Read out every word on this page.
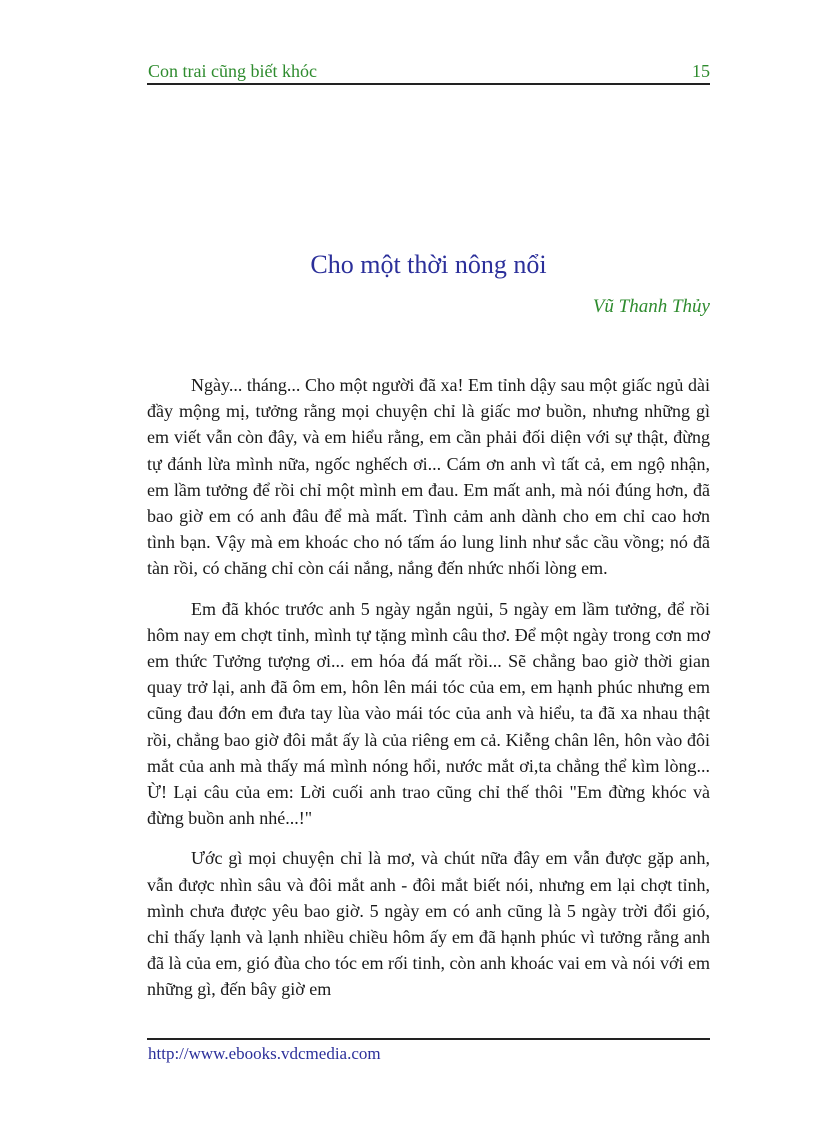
Con trai cũng biết khóc	15
Cho một thời nông nổi
Vũ Thanh Thủy

Ngày... tháng... Cho một người đã xa! Em tỉnh dậy sau một giấc ngủ dài đầy mộng mị, tưởng rằng mọi chuyện chỉ là giấc mơ buồn, nhưng những gì em viết vẫn còn đây, và em hiểu rằng, em cần phải đối diện với sự thật, đừng tự đánh lừa mình nữa, ngốc nghếch ơi... Cám ơn anh vì tất cả, em ngộ nhận, em lầm tưởng để rồi chỉ một mình em đau. Em mất anh, mà nói đúng hơn, đã bao giờ em có anh đâu để mà mất. Tình cảm anh dành cho em chỉ cao hơn tình bạn. Vậy mà em khoác cho nó tấm áo lung linh như sắc cầu vồng; nó đã tàn rồi, có chăng chỉ còn cái nắng, nắng đến nhức nhối lòng em.

Em đã khóc trước anh 5 ngày ngắn ngủi, 5 ngày em lầm tưởng, để rồi hôm nay em chợt tỉnh, mình tự tặng mình câu thơ. Để một ngày trong cơn mơ em thức Tưởng tượng ơi... em hóa đá mất rồi... Sẽ chẳng bao giờ thời gian quay trở lại, anh đã ôm em, hôn lên mái tóc của em, em hạnh phúc nhưng em cũng đau đớn em đưa tay lùa vào mái tóc của anh và hiểu, ta đã xa nhau thật rồi, chẳng bao giờ đôi mắt ấy là của riêng em cả. Kiễng chân lên, hôn vào đôi mắt của anh mà thấy má mình nóng hổi, nước mắt ơi,ta chẳng thể kìm lòng... Ừ! Lại câu của em: Lời cuối anh trao cũng chỉ thế thôi "Em đừng khóc và đừng buồn anh nhé...!"

Ước gì mọi chuyện chỉ là mơ, và chút nữa đây em vẫn được gặp anh, vẫn được nhìn sâu và đôi mắt anh - đôi mắt biết nói, nhưng em lại chợt tỉnh, mình chưa được yêu bao giờ. 5 ngày em có anh cũng là 5 ngày trời đổi gió, chỉ thấy lạnh và lạnh nhiều chiều hôm ấy em đã hạnh phúc vì tưởng rằng anh đã là của em, gió đùa cho tóc em rối tinh, còn anh khoác vai em và nói với em những gì, đến bây giờ em

http://www.ebooks.vdcmedia.com
